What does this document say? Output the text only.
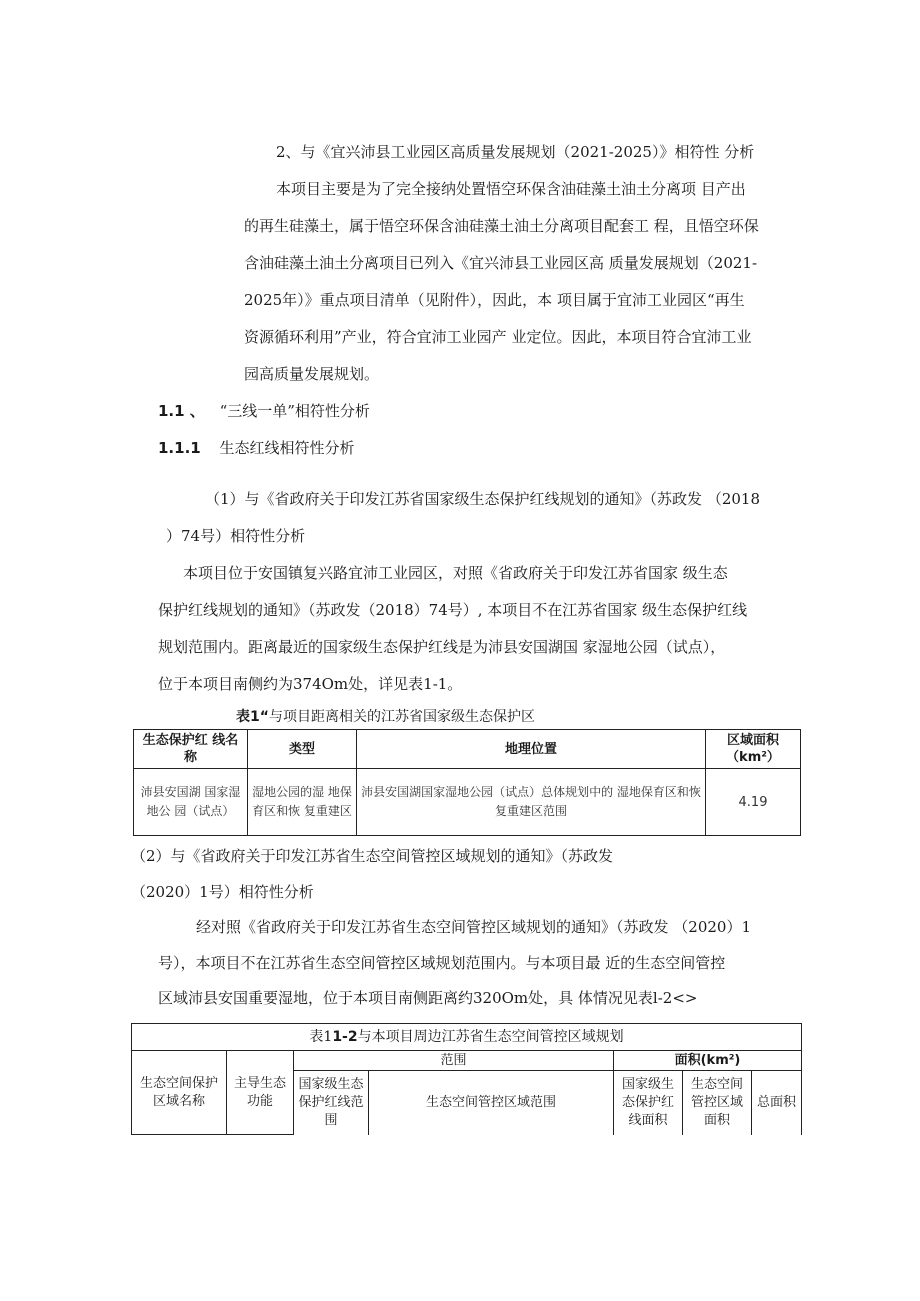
2、与《宜兴沛县工业园区高质量发展规划（2021-2025）》相符性 分析
本项目主要是为了完全接纳处置悟空环保含油硅藻土油土分离项 目产出
的再生硅藻土，属于悟空环保含油硅藻土油土分离项目配套工 程，且悟空环保
含油硅藻土油土分离项目已列入《宜兴沛县工业园区高 质量发展规划（2021-
2025年）》重点项目清单（见附件），因此，本 项目属于宜沛工业园区“再生
资源循环利用”产业，符合宜沛工业园产 业定位。因此，本项目符合宜沛工业
园高质量发展规划。
1.1 、 “三线一单”相符性分析
1.1.1 生态红线相符性分析
（1）与《省政府关于印发江苏省国家级生态保护红线规划的通知》（苏政发 （2018
）74号）相符性分析
本项目位于安国镇复兴路宜沛工业园区，对照《省政府关于印发江苏省国家 级生态
保护红线规划的通知》（苏政发（2018）74号）, 本项目不在江苏省国家 级生态保护红线
规划范围内。距离最近的国家级生态保护红线是为沛县安国湖国 家湿地公园（试点），
位于本项目南侧约为374Om处，详见表1-1。
表1“与项目距离相关的江苏省国家级生态保护区
生态保护红 线名称	类型	地理位置	区域面积（km²）
沛县安国湖 国家湿地公 园（试点）	湿地公园的湿 地保育区和恢 复重建区	沛县安国湖国家湿地公园（试点）总体规划中的 湿地保育区和恢复重建区范围	4.19
（2）与《省政府关于印发江苏省生态空间管控区域规划的通知》（苏政发
（2020）1号）相符性分析
经对照《省政府关于印发江苏省生态空间管控区域规划的通知》（苏政发 （2020）1
号），本项目不在江苏省生态空间管控区域规划范围内。与本项目最 近的生态空间管控
区域沛县安国重要湿地，位于本项目南侧距离约320Om处，具 体情况见表l-2<>
表11-2与本项目周边江苏省生态空间管控区域规划						
生态空间保护区域名称	主导生态功能	范围		面积(km²)		
		国家级生态保护红线范围	生态空间管控区域范围	国家级生态保护红线面积	生态空间管控区域面积	总面积
